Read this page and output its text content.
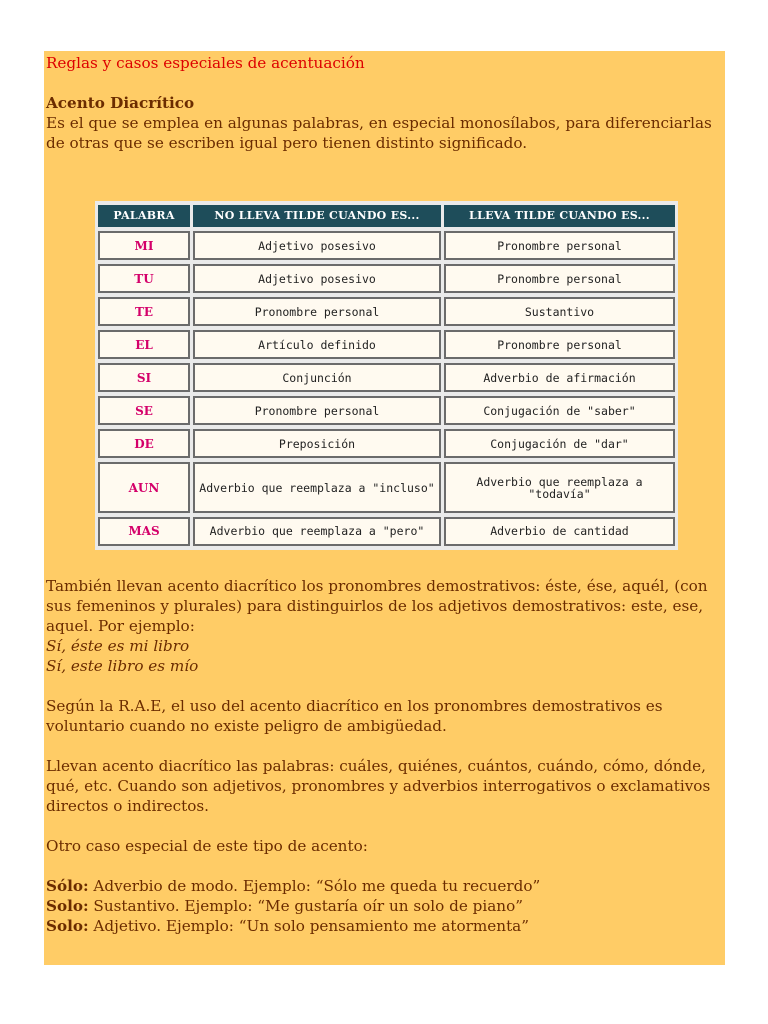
Reglas y casos especiales de acentuación

Acento Diacrítico

Es el que se emplea en algunas palabras, en especial monosílabos, para diferenciarlas de otras que se escriben igual pero tienen distinto significado.

PALABRA	NO LLEVA TILDE CUANDO ES...	LLEVA TILDE CUANDO ES...
MI	Adjetivo posesivo	Pronombre personal
TU	Adjetivo posesivo	Pronombre personal
TE	Pronombre personal	Sustantivo
EL	Artículo definido	Pronombre personal
SI	Conjunción	Adverbio de afirmación
SE	Pronombre personal	Conjugación de "saber"
DE	Preposición	Conjugación de "dar"
AUN	Adverbio que reemplaza a "incluso"	Adverbio que reemplaza a "todavía"
MAS	Adverbio que reemplaza a "pero"	Adverbio de cantidad

También llevan acento diacrítico los pronombres demostrativos: éste, ése, aquél, (con sus femeninos y plurales) para distinguirlos de los adjetivos demostrativos: este, ese, aquel. Por ejemplo:

Sí, éste es mi libro

Sí, este libro es mío

Según la R.A.E, el uso del acento diacrítico en los pronombres demostrativos es voluntario cuando no existe peligro de ambigüedad.

Llevan acento diacrítico las palabras: cuáles, quiénes, cuántos, cuándo, cómo, dónde, qué, etc. Cuando son adjetivos, pronombres y adverbios interrogativos o exclamativos directos o indirectos.

Otro caso especial de este tipo de acento:

Sólo: Adverbio de modo. Ejemplo: “Sólo me queda tu recuerdo”

Solo: Sustantivo. Ejemplo: “Me gustaría oír un solo de piano”

Solo: Adjetivo. Ejemplo: “Un solo pensamiento me atormenta”
